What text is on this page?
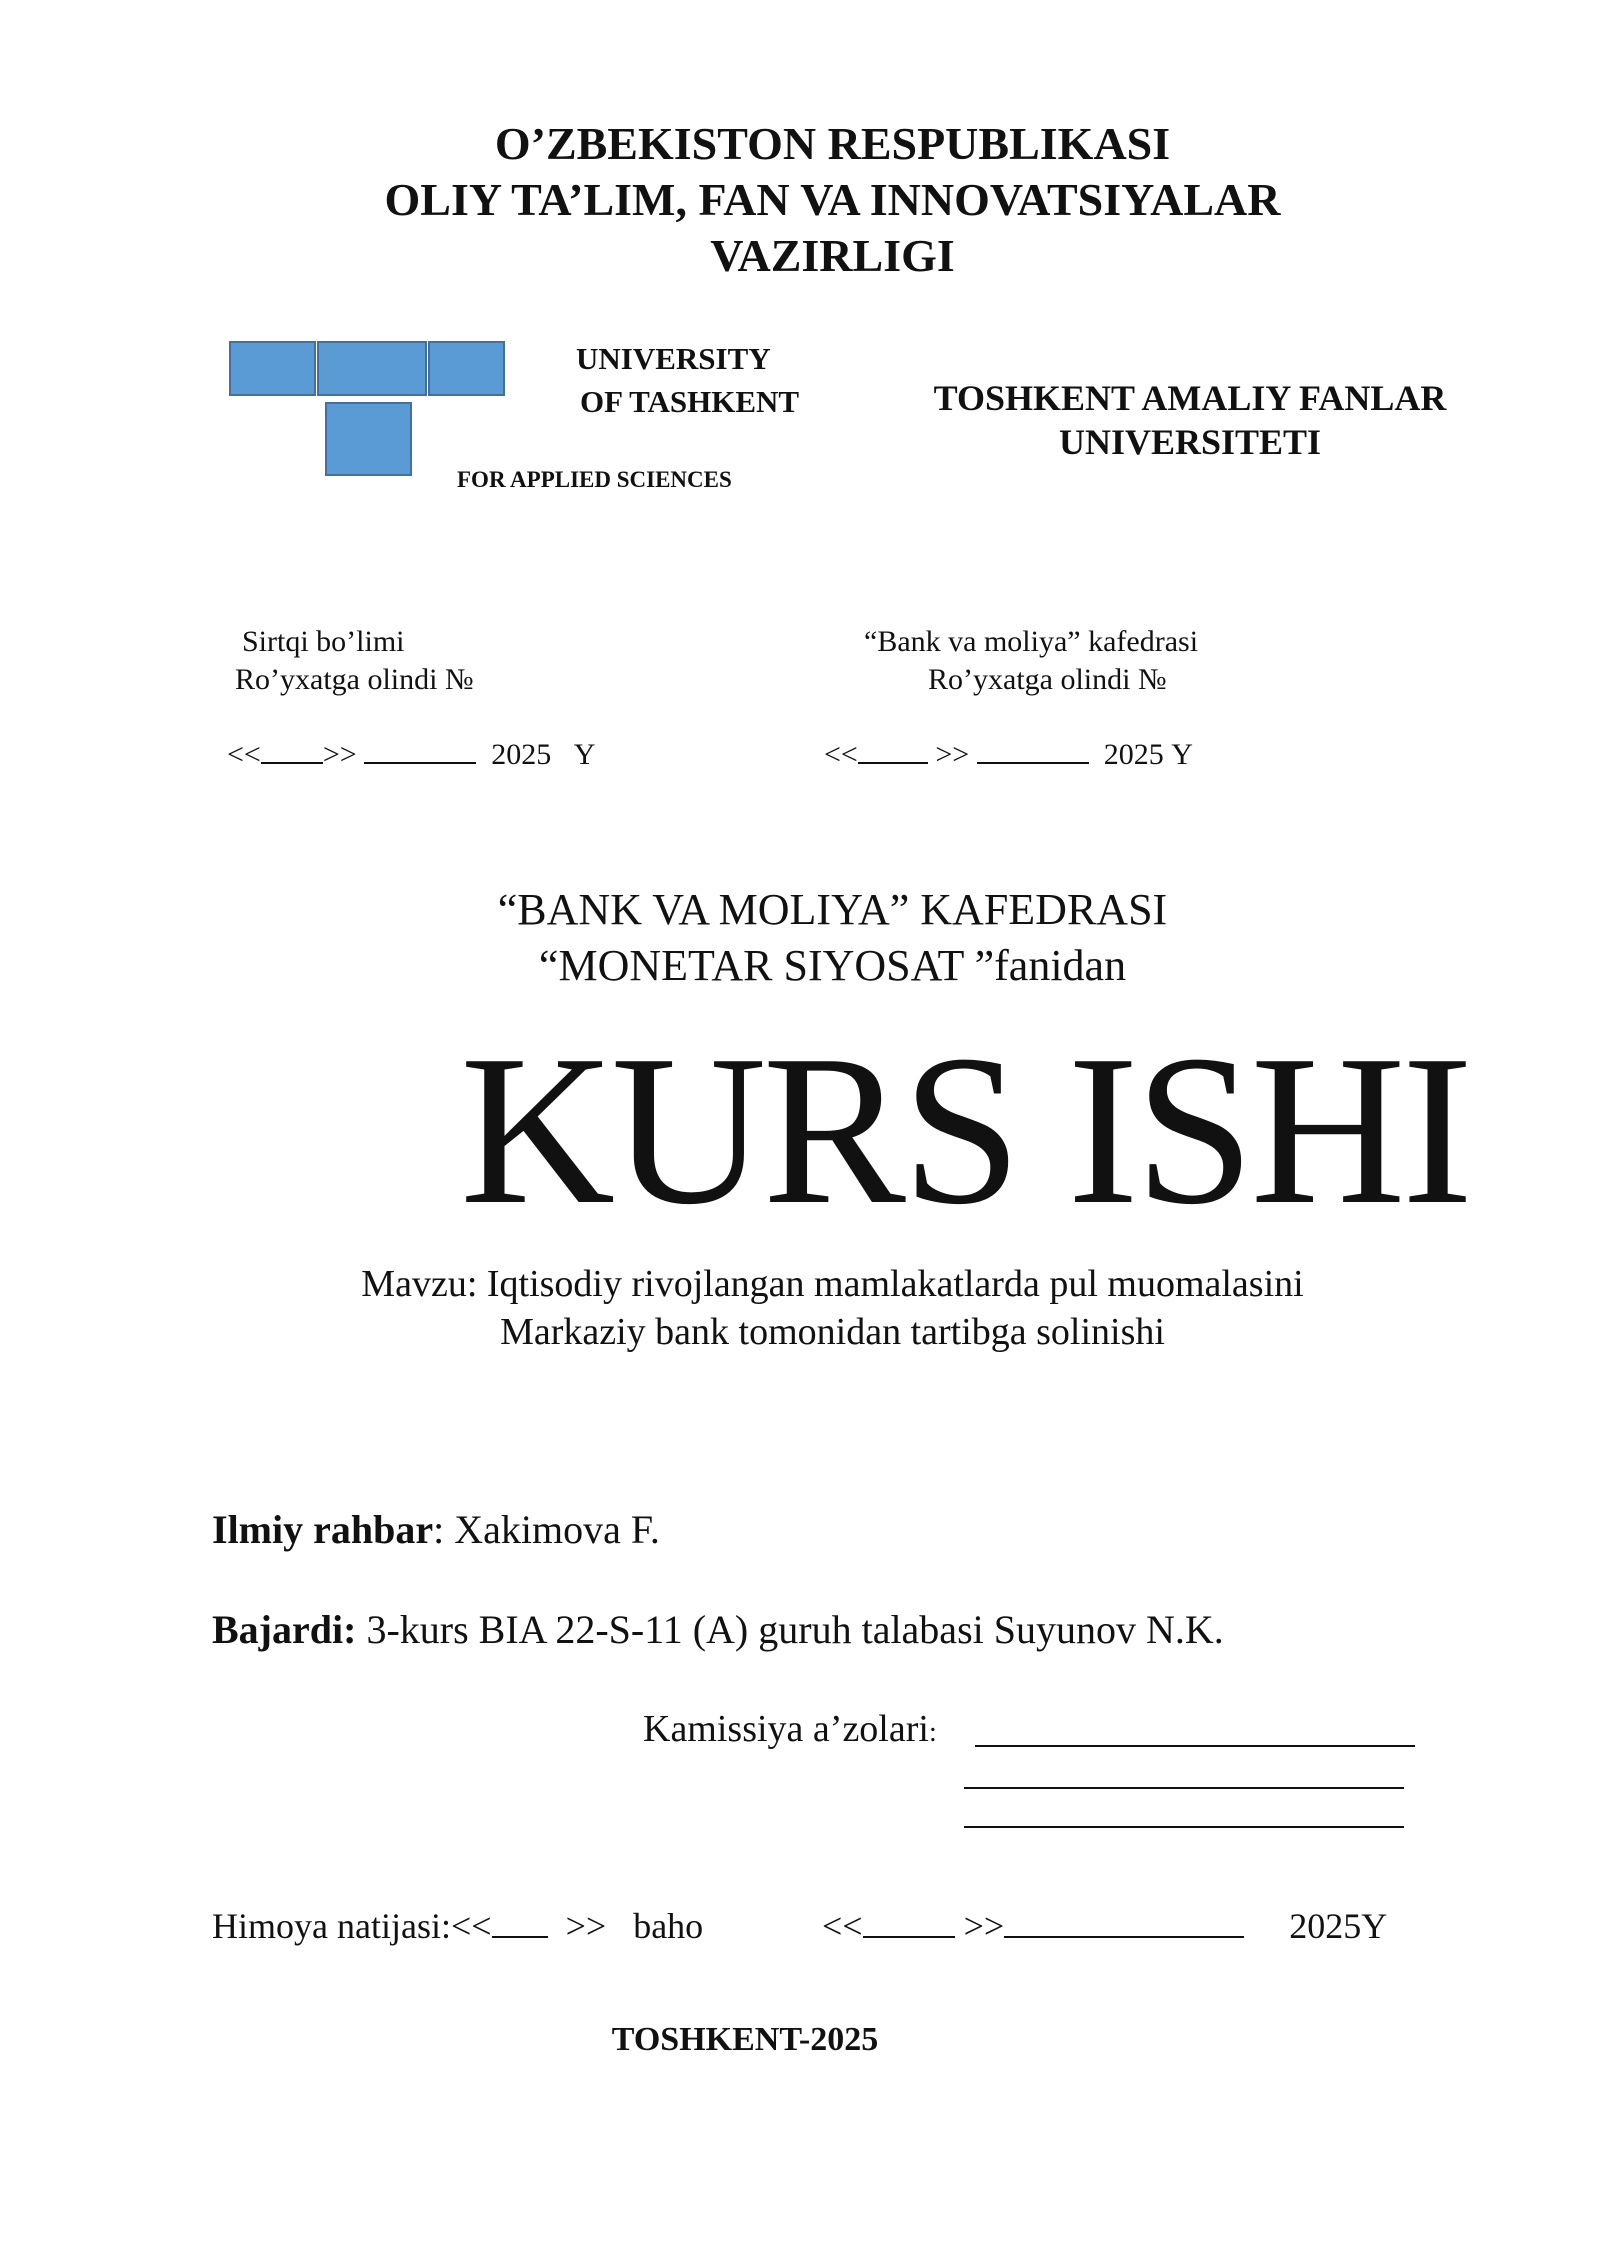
O’ZBEKISTON RESPUBLIKASI
OLIY TA’LIM, FAN VA INNOVATSIYALAR
VAZIRLIGI
UNIVERSITY
OF TASHKENT
FOR APPLIED SCIENCES
TOSHKENT AMALIY FANLAR
UNIVERSITETI
Sirtqi bo’limi
Ro’yxatga olindi №
<< >>	2025 Y
“Bank va moliya” kafedrasi
Ro’yxatga olindi №
<<	>>	2025 Y
“BANK VA MOLIYA” KAFEDRASI
“MONETAR SIYOSAT ”fanidan
KURS ISHI
Mavzu: Iqtisodiy rivojlangan mamlakatlarda pul muomalasini
Markaziy bank tomonidan tartibga solinishi
Ilmiy rahbar: Xakimova F.
Bajardi: 3-kurs BIA 22-S-11 (A) guruh talabasi Suyunov N.K.
Kamissiya a’zolari:
Himoya natijasi:<< >> baho	<<	>>	2025Y
TOSHKENT-2025
